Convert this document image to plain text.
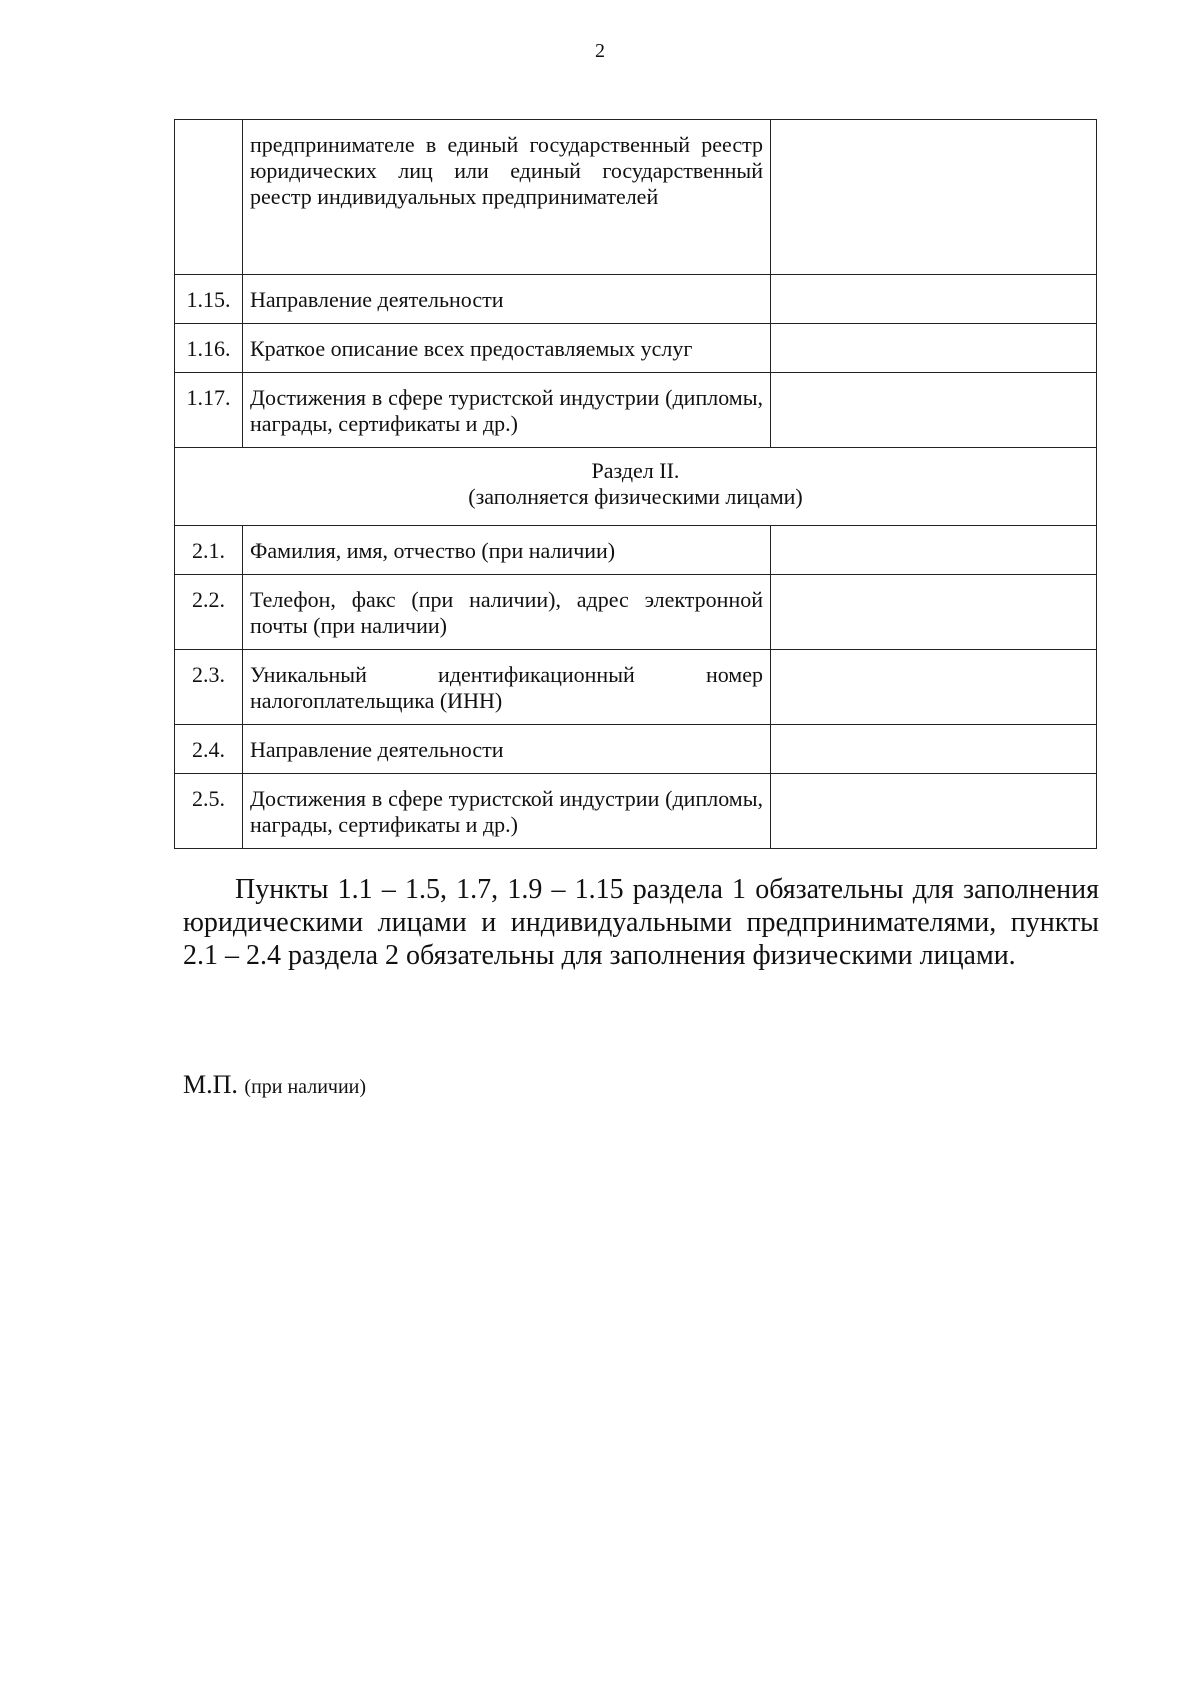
2
	предпринимателе в единый государственный реестр юридических лиц или единый государственный реестр индивидуальных предпринимателей	
1.15.	Направление деятельности	
1.16.	Краткое описание всех предоставляемых услуг	
1.17.	Достижения в сфере туристской индустрии (дипломы, награды, сертификаты и др.)	

Раздел II.
(заполняется физическими лицами)		

2.1.	Фамилия, имя, отчество (при наличии)	
2.2.	Телефон, факс (при наличии), адрес электронной почты (при наличии)	
2.3.	Уникальный идентификационный номер налогоплательщика (ИНН)	
2.4.	Направление деятельности	
2.5.	Достижения в сфере туристской индустрии (дипломы, награды, сертификаты и др.)	

Пункты 1.1 – 1.5, 1.7, 1.9 – 1.15 раздела 1 обязательны для заполнения юридическими лицами и индивидуальными предпринимателями, пункты 2.1 – 2.4 раздела 2 обязательны для заполнения физическими лицами.

М.П. (при наличии)
